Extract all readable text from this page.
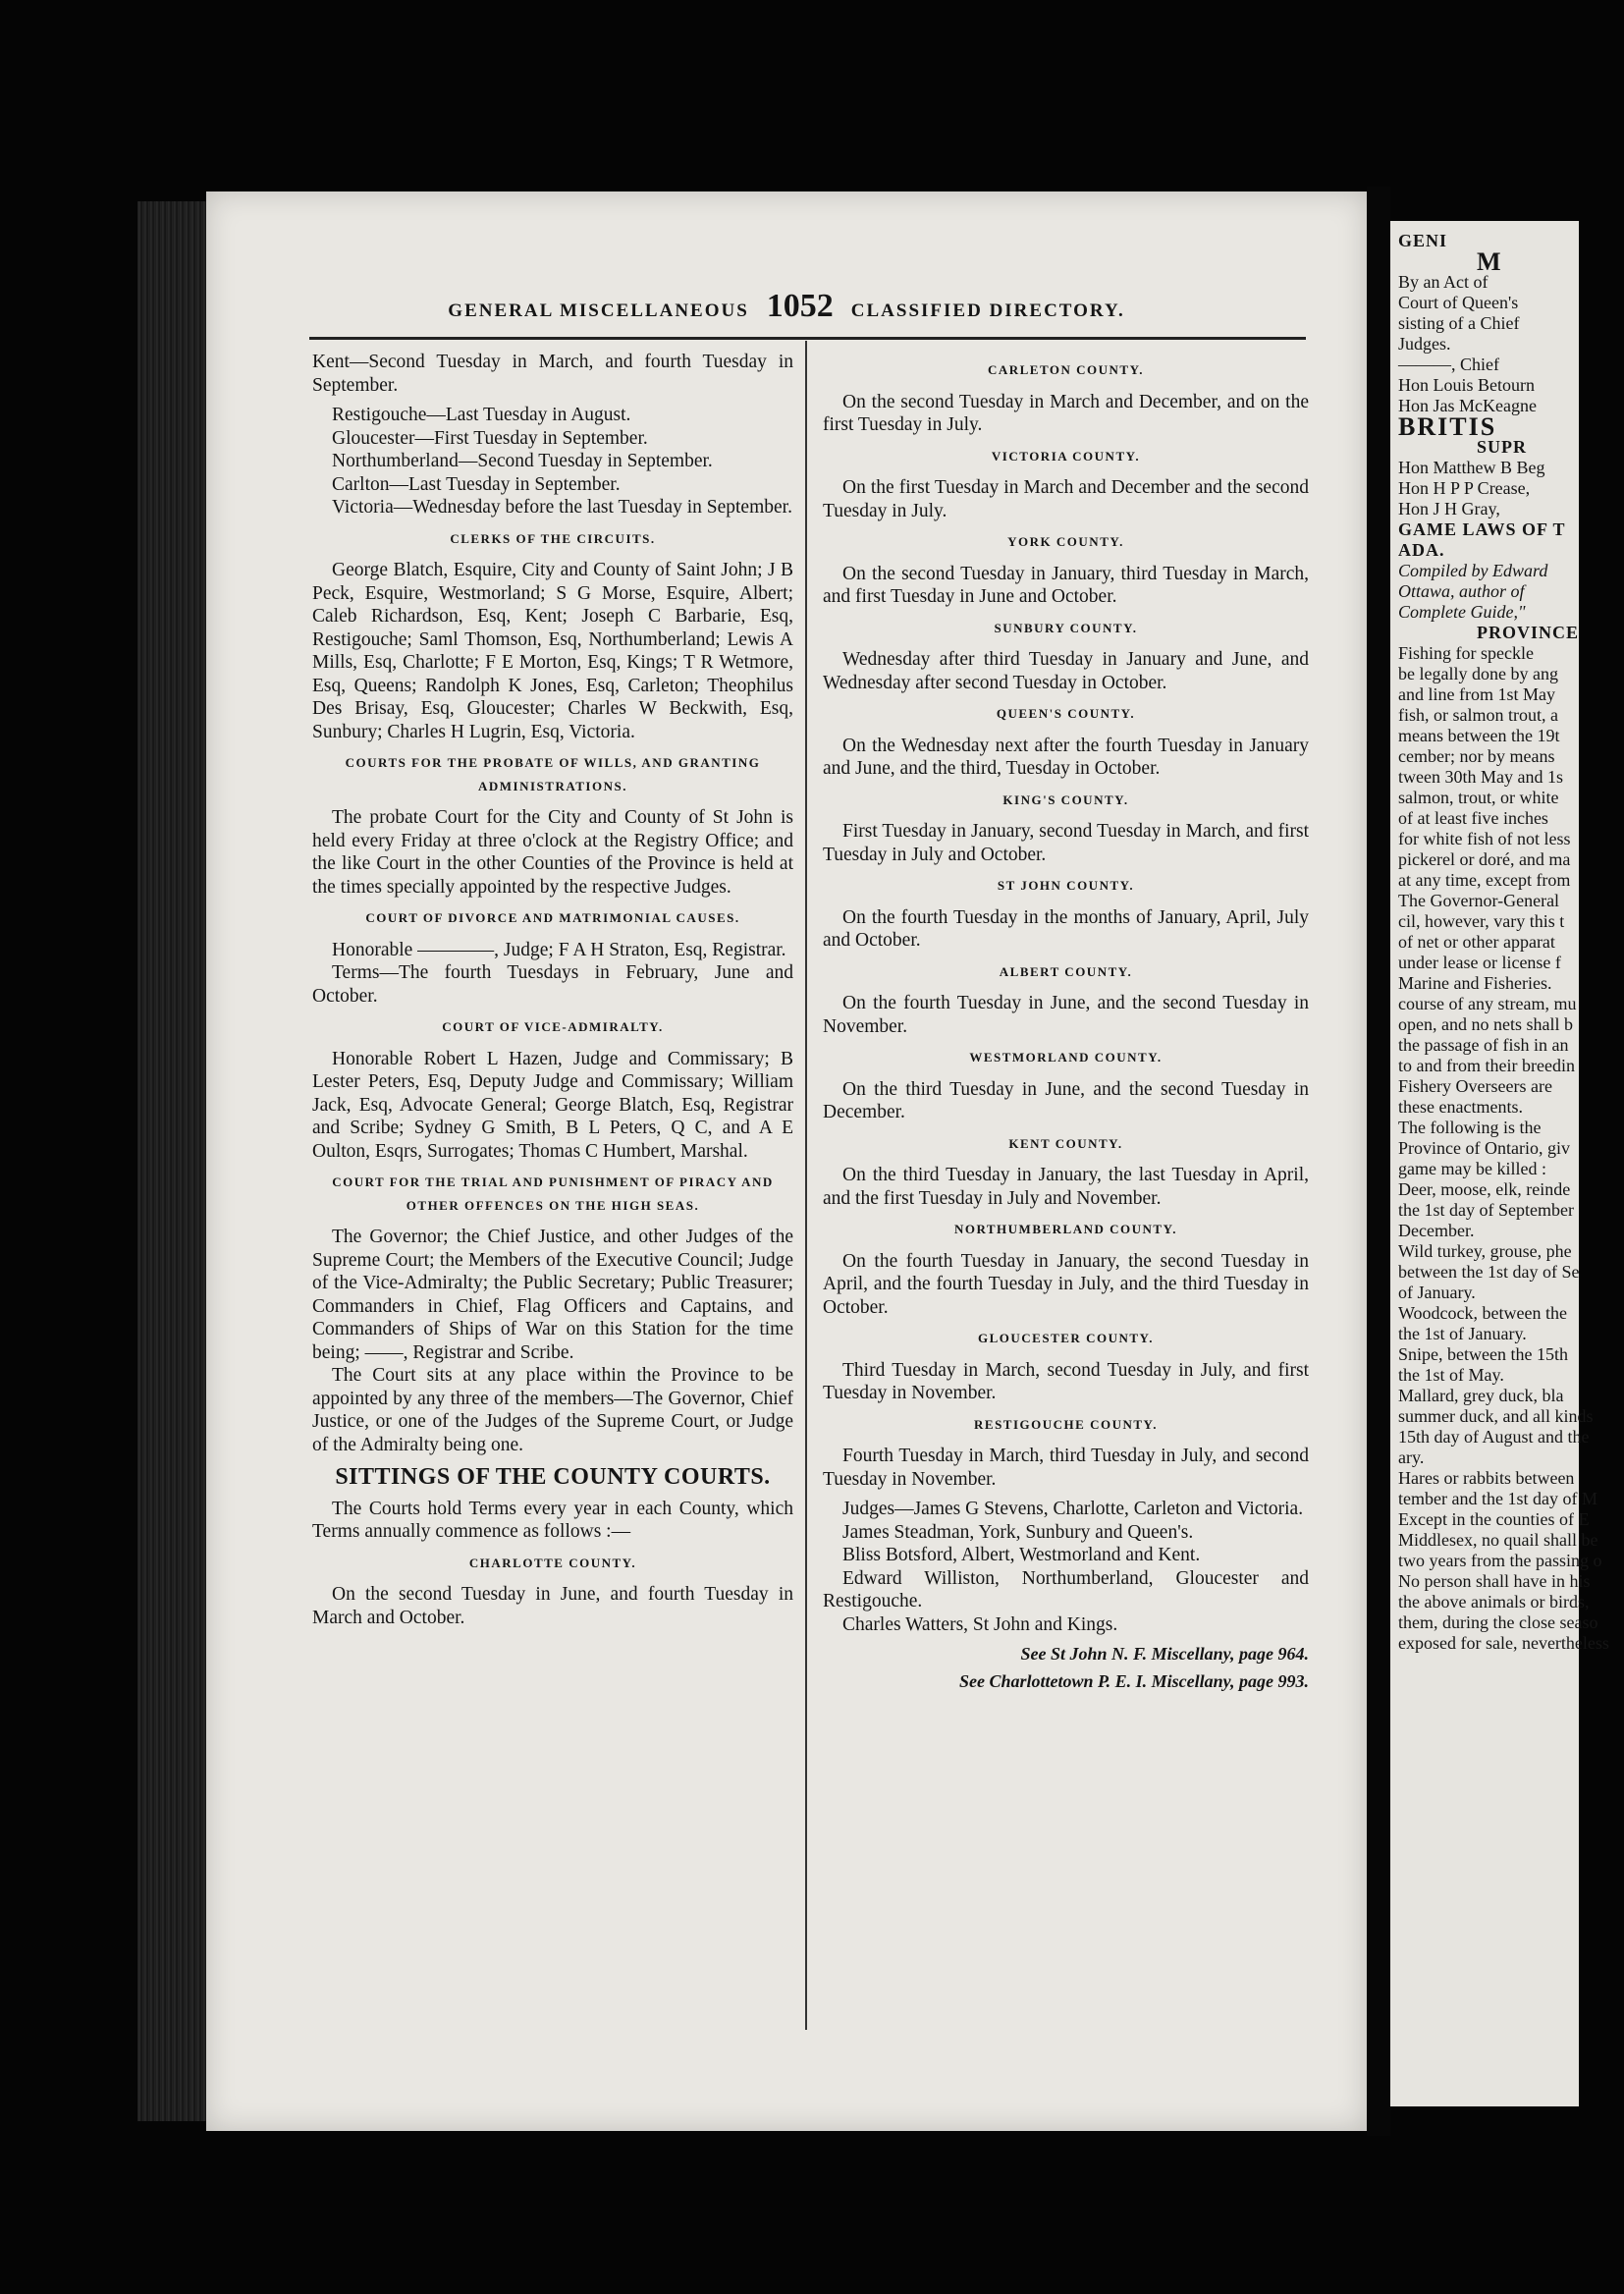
GENERAL MISCELLANEOUS 1052 CLASSIFIED DIRECTORY.

Kent—Second Tuesday in March, and fourth Tuesday in September.

Restigouche—Last Tuesday in August.

Gloucester—First Tuesday in September.

Northumberland—Second Tuesday in September.

Carlton—Last Tuesday in September.

Victoria—Wednesday before the last Tuesday in September.

CLERKS OF THE CIRCUITS.

George Blatch, Esquire, City and County of Saint John; J B Peck, Esquire, Westmorland; S G Morse, Esquire, Albert; Caleb Richardson, Esq, Kent; Joseph C Barbarie, Esq, Restigouche; Saml Thomson, Esq, Northumberland; Lewis A Mills, Esq, Charlotte; F E Morton, Esq, Kings; T R Wetmore, Esq, Queens; Randolph K Jones, Esq, Carleton; Theophilus Des Brisay, Esq, Gloucester; Charles W Beckwith, Esq, Sunbury; Charles H Lugrin, Esq, Victoria.

COURTS FOR THE PROBATE OF WILLS, AND GRANTING ADMINISTRATIONS.

The probate Court for the City and County of St John is held every Friday at three o'clock at the Registry Office; and the like Court in the other Counties of the Province is held at the times specially appointed by the respective Judges.

COURT OF DIVORCE AND MATRIMONIAL CAUSES.

Honorable ————, Judge; F A H Straton, Esq, Registrar.

Terms—The fourth Tuesdays in February, June and October.

COURT OF VICE-ADMIRALTY.

Honorable Robert L Hazen, Judge and Commissary; B Lester Peters, Esq, Deputy Judge and Commissary; William Jack, Esq, Advocate General; George Blatch, Esq, Registrar and Scribe; Sydney G Smith, B L Peters, Q C, and A E Oulton, Esqrs, Surrogates; Thomas C Humbert, Marshal.

COURT FOR THE TRIAL AND PUNISHMENT OF PIRACY AND OTHER OFFENCES ON THE HIGH SEAS.

The Governor; the Chief Justice, and other Judges of the Supreme Court; the Members of the Executive Council; Judge of the Vice-Admiralty; the Public Secretary; Public Treasurer; Commanders in Chief, Flag Officers and Captains, and Commanders of Ships of War on this Station for the time being; ——, Registrar and Scribe.

The Court sits at any place within the Province to be appointed by any three of the members—The Governor, Chief Justice, or one of the Judges of the Supreme Court, or Judge of the Admiralty being one.

SITTINGS OF THE COUNTY COURTS.

The Courts hold Terms every year in each County, which Terms annually commence as follows :—

CHARLOTTE COUNTY.

On the second Tuesday in June, and fourth Tuesday in March and October.

CARLETON COUNTY.

On the second Tuesday in March and December, and on the first Tuesday in July.

VICTORIA COUNTY.

On the first Tuesday in March and December and the second Tuesday in July.

YORK COUNTY.

On the second Tuesday in January, third Tuesday in March, and first Tuesday in June and October.

SUNBURY COUNTY.

Wednesday after third Tuesday in January and June, and Wednesday after second Tuesday in October.

QUEEN'S COUNTY.

On the Wednesday next after the fourth Tuesday in January and June, and the third, Tuesday in October.

KING'S COUNTY.

First Tuesday in January, second Tuesday in March, and first Tuesday in July and October.

ST JOHN COUNTY.

On the fourth Tuesday in the months of January, April, July and October.

ALBERT COUNTY.

On the fourth Tuesday in June, and the second Tuesday in November.

WESTMORLAND COUNTY.

On the third Tuesday in June, and the second Tuesday in December.

KENT COUNTY.

On the third Tuesday in January, the last Tuesday in April, and the first Tuesday in July and November.

NORTHUMBERLAND COUNTY.

On the fourth Tuesday in January, the second Tuesday in April, and the fourth Tuesday in July, and the third Tuesday in October.

GLOUCESTER COUNTY.

Third Tuesday in March, second Tuesday in July, and first Tuesday in November.

RESTIGOUCHE COUNTY.

Fourth Tuesday in March, third Tuesday in July, and second Tuesday in November.

Judges—James G Stevens, Charlotte, Carleton and Victoria.

James Steadman, York, Sunbury and Queen's.

Bliss Botsford, Albert, Westmorland and Kent.

Edward Williston, Northumberland, Gloucester and Restigouche.

Charles Watters, St John and Kings.

See St John N. F. Miscellany, page 964.

See Charlottetown P. E. I. Miscellany, page 993.

GENI
M
By an Act of
Court of Queen's
sisting of a Chief
Judges.
———, Chief
Hon Louis Betourn
Hon Jas McKeagne
BRITIS
SUPR
Hon Matthew B Beg
Hon H P P Crease,
Hon J H Gray,
GAME LAWS OF T
ADA.
Compiled by Edward
Ottawa, author of
Complete Guide,"
PROVINCE
Fishing for speckle
be legally done by ang
and line from 1st May
fish, or salmon trout, a
means between the 19t
cember; nor by means
tween 30th May and 1s
salmon, trout, or white
of at least five inches
for white fish of not less
pickerel or doré, and ma
at any time, except from
The Governor-General
cil, however, vary this t
of net or other apparat
under lease or license f
Marine and Fisheries.
course of any stream, mu
open, and no nets shall b
the passage of fish in an
to and from their breedin
Fishery Overseers are
these enactments.
The following is the
Province of Ontario, giv
game may be killed :
Deer, moose, elk, reinde
the 1st day of September
December.
Wild turkey, grouse, phe
between the 1st day of Se
of January.
Woodcock, between the
the 1st of January.
Snipe, between the 15th
the 1st of May.
Mallard, grey duck, bla
summer duck, and all kinds
15th day of August and the
ary.
Hares or rabbits between
tember and the 1st day of M
Except in the counties of E
Middlesex, no quail shall be
two years from the passing o
No person shall have in his
the above animals or birds,
them, during the close seaso
exposed for sale, nevertheless
